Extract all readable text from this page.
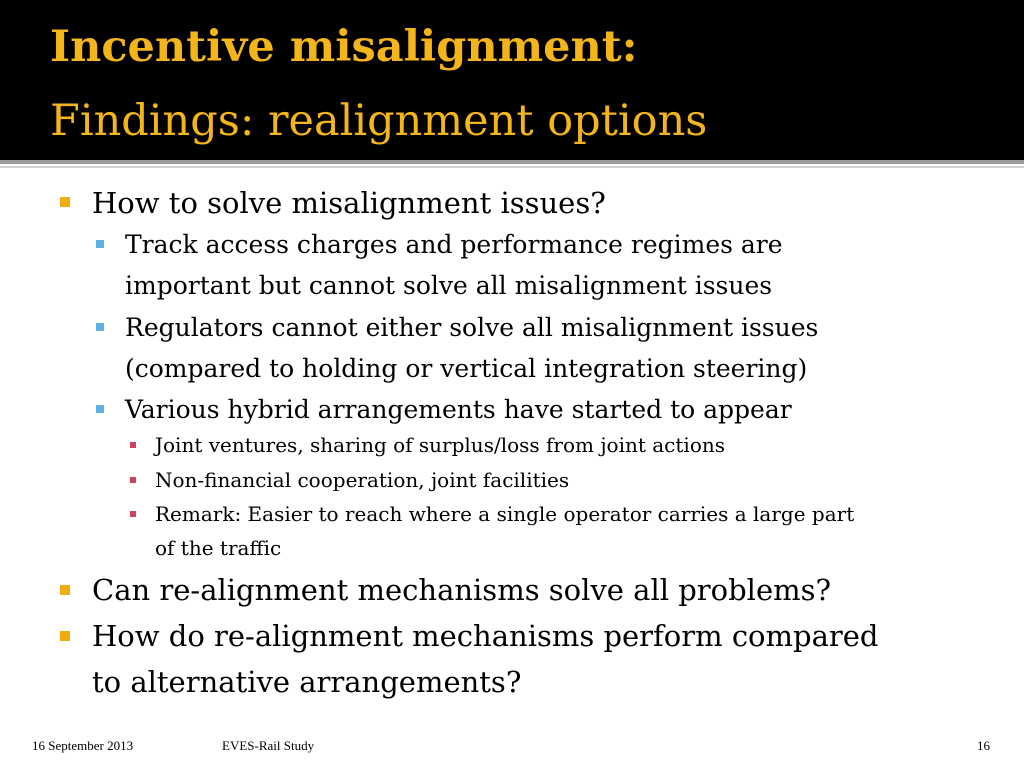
Incentive misalignment:
Findings: realignment options
How to solve misalignment issues?
Track access charges and performance regimes are
important but cannot solve all misalignment issues
Regulators cannot either solve all misalignment issues
(compared to holding or vertical integration steering)
Various hybrid arrangements have started to appear
Joint ventures, sharing of surplus/loss from joint actions
Non-financial cooperation, joint facilities
Remark: Easier to reach where a single operator carries a large part
of the traffic
Can re-alignment mechanisms solve all problems?
How do re-alignment mechanisms perform compared
to alternative arrangements?
16 September 2013	EVES-Rail Study	16
